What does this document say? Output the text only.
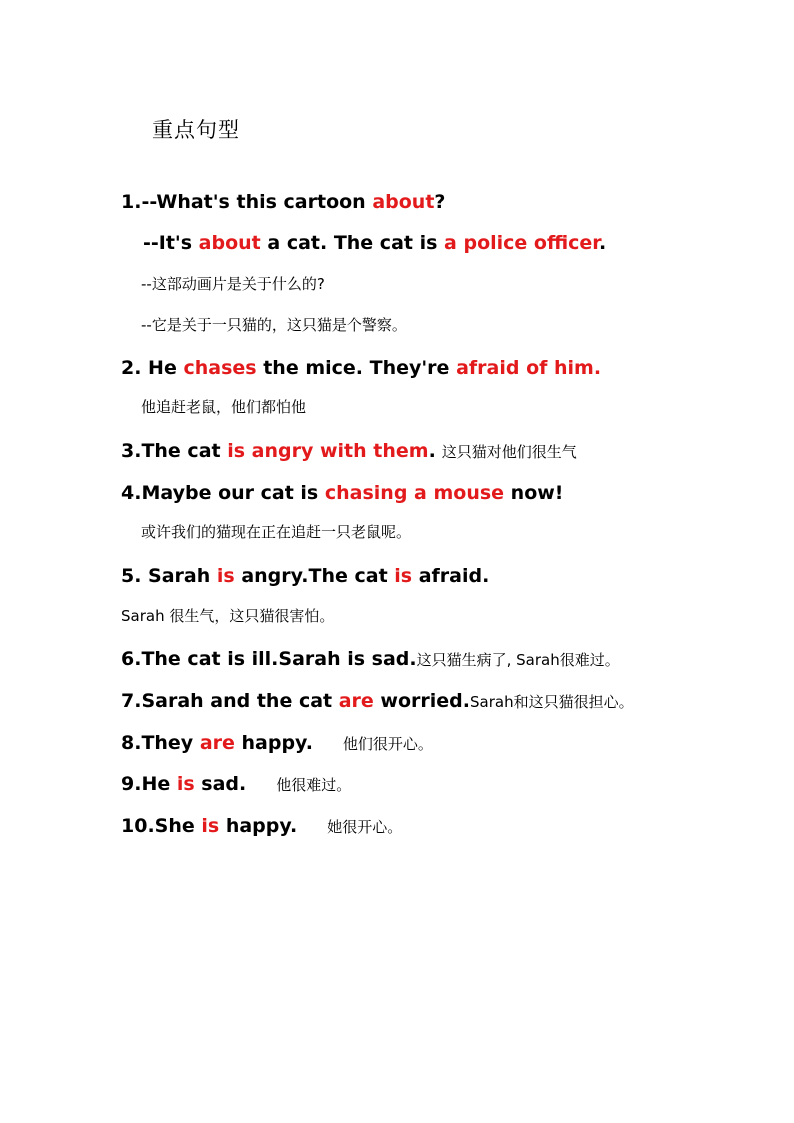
重点句型
1.--What's this cartoon about?
--It's about a cat. The cat is a police officer.
--这部动画片是关于什么的?
--它是关于一只猫的，这只猫是个警察。
2. He chases the mice. They're afraid of him.
他追赶老鼠，他们都怕他
3.The cat is angry with them. 这只猫对他们很生气
4.Maybe our cat is chasing a mouse now!
或许我们的猫现在正在追赶一只老鼠呢。
5. Sarah is angry.The cat is afraid.
Sarah 很生气，这只猫很害怕。
6.The cat is ill.Sarah is sad.这只猫生病了, Sarah很难过。
7.Sarah and the cat are worried.Sarah和这只猫很担心。
8.They are happy. 他们很开心。
9.He is sad. 他很难过。
10.She is happy. 她很开心。
